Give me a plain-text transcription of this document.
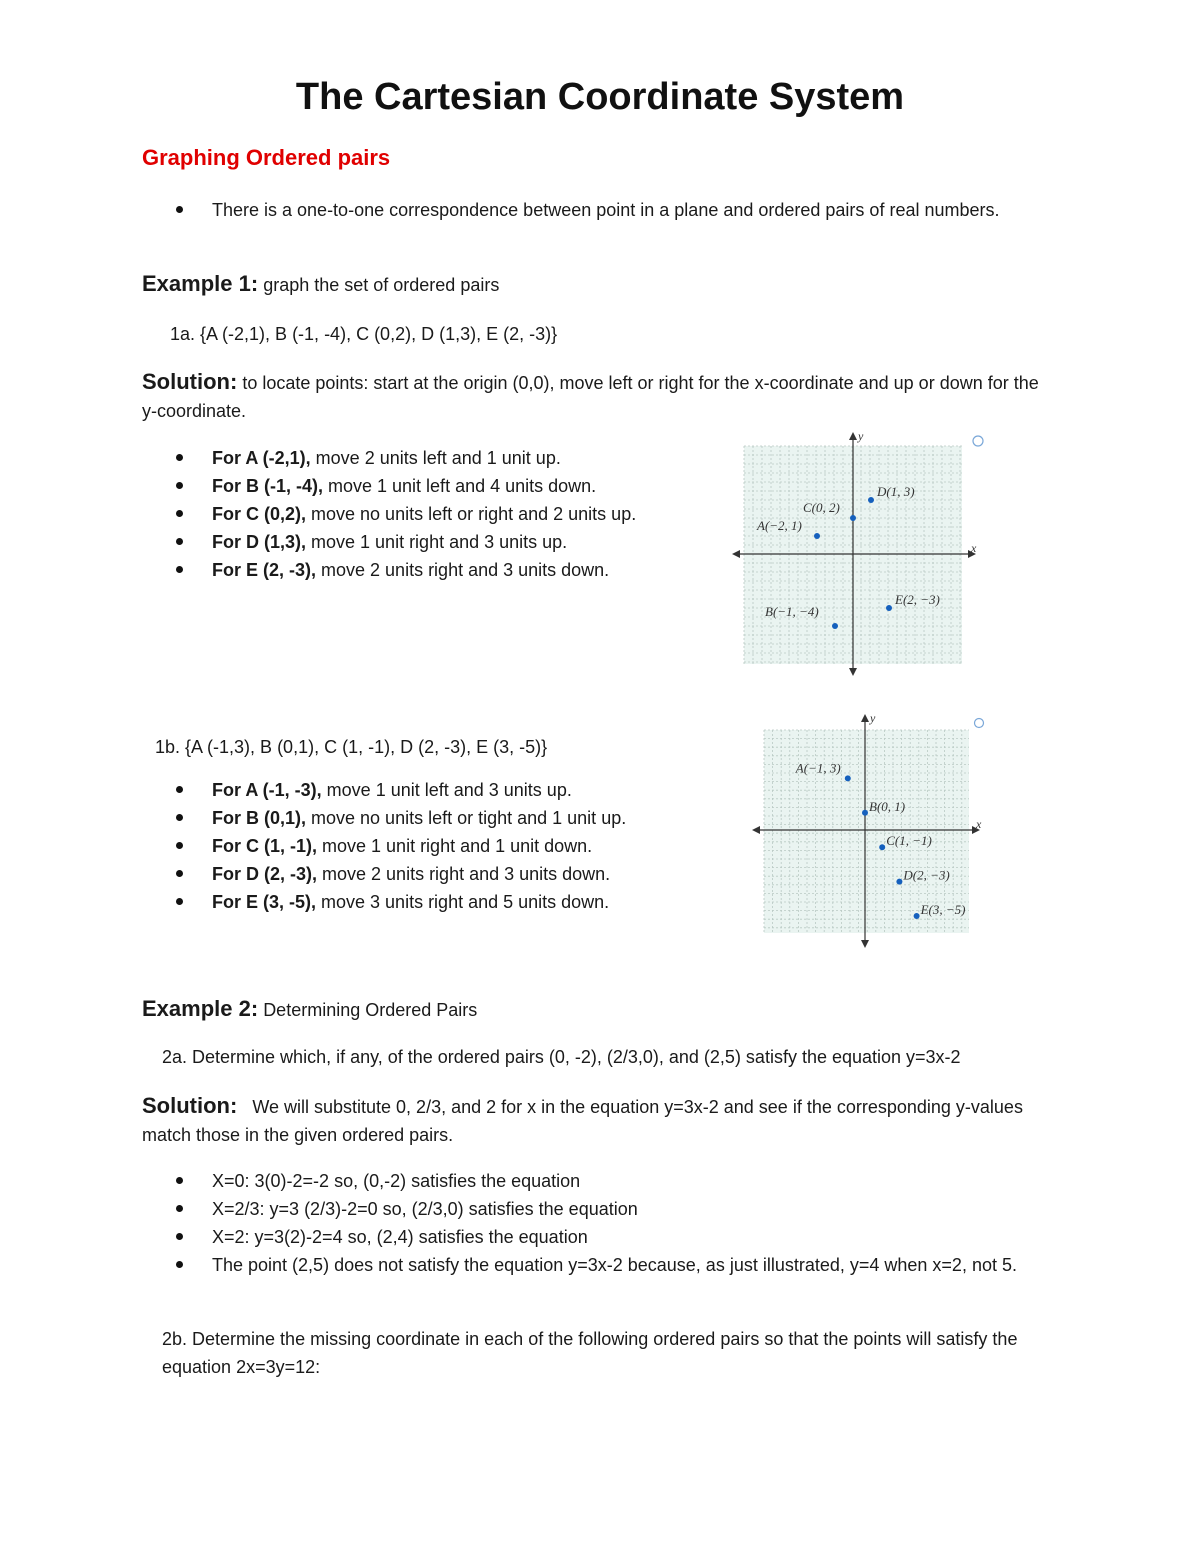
The Cartesian Coordinate System
Graphing Ordered pairs
There is a one-to-one correspondence between point in a plane and ordered pairs of real numbers.
Example 1: graph the set of ordered pairs
1a. {A (-2,1), B (-1, -4), C (0,2), D (1,3), E (2, -3)}
Solution: to locate points: start at the origin (0,0), move left or right for the x-coordinate and up or down for the y-coordinate.
For A (-2,1), move 2 units left and 1 unit up.
For B (-1, -4), move 1 unit left and 4 units down.
For C (0,2), move no units left or right and 2 units up.
For D (1,3), move 1 unit right and 3 units up.
For E (2, -3), move 2 units right and 3 units down.
x
y
A(−2, 1)
B(−1, −4)
C(0, 2)
D(1, 3)
E(2, −3)
1b. {A (-1,3), B (0,1), C (1, -1), D (2, -3), E (3, -5)}
For A (-1, -3), move 1 unit left and 3 units up.
For B (0,1), move no units left or tight and 1 unit up.
For C (1, -1), move 1 unit right and 1 unit down.
For D (2, -3), move 2 units right and 3 units down.
For E (3, -5), move 3 units right and 5 units down.
x
y
A(−1, 3)
B(0, 1)
C(1, −1)
D(2, −3)
E(3, −5)
Example 2: Determining Ordered Pairs
2a. Determine which, if any, of the ordered pairs (0, -2), (2/3,0), and (2,5) satisfy the equation y=3x-2
Solution: We will substitute 0, 2/3, and 2 for x in the equation y=3x-2 and see if the corresponding y-values match those in the given ordered pairs.
X=0: 3(0)-2=-2 so, (0,-2) satisfies the equation
X=2/3: y=3 (2/3)-2=0 so, (2/3,0) satisfies the equation
X=2: y=3(2)-2=4 so, (2,4) satisfies the equation
The point (2,5) does not satisfy the equation y=3x-2 because, as just illustrated, y=4 when x=2, not 5.
2b. Determine the missing coordinate in each of the following ordered pairs so that the points will satisfy the equation 2x=3y=12:
